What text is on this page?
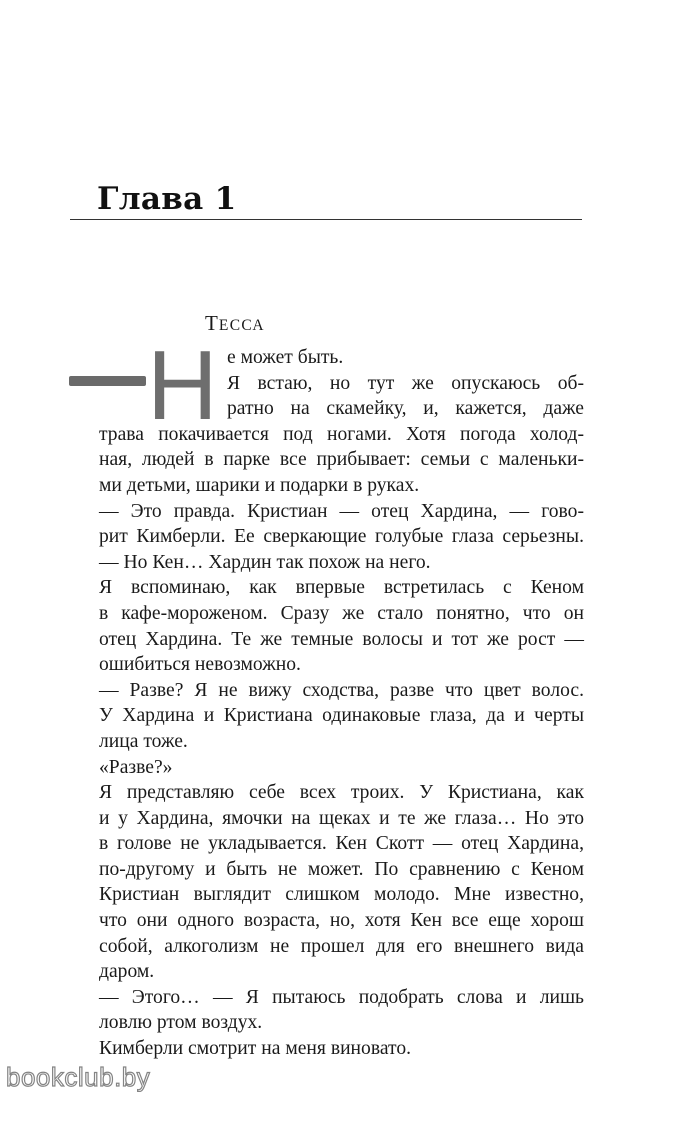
Глава 1
ТЕССА
Н е может быть.
Я встаю, но тут же опускаюсь об-
ратно на скамейку, и, кажется, даже
трава покачивается под ногами. Хотя погода холод-
ная, людей в парке все прибывает: семьи с маленьки-
ми детьми, шарики и подарки в руках.
— Это правда. Кристиан — отец Хардина, — гово-
рит Кимберли. Ее сверкающие голубые глаза серьезны.
— Но Кен… Хардин так похож на него.
Я вспоминаю, как впервые встретилась с Кеном
в кафе-мороженом. Сразу же стало понятно, что он
отец Хардина. Те же темные волосы и тот же рост —
ошибиться невозможно.
— Разве? Я не вижу сходства, разве что цвет волос.
У Хардина и Кристиана одинаковые глаза, да и черты
лица тоже.
«Разве?»
Я представляю себе всех троих. У Кристиана, как
и у Хардина, ямочки на щеках и те же глаза… Но это
в голове не укладывается. Кен Скотт — отец Хардина,
по-другому и быть не может. По сравнению с Кеном
Кристиан выглядит слишком молодо. Мне известно,
что они одного возраста, но, хотя Кен все еще хорош
собой, алкоголизм не прошел для его внешнего вида
даром.
— Этого… — Я пытаюсь подобрать слова и лишь
ловлю ртом воздух.
Кимберли смотрит на меня виновато.
bookclub.by
